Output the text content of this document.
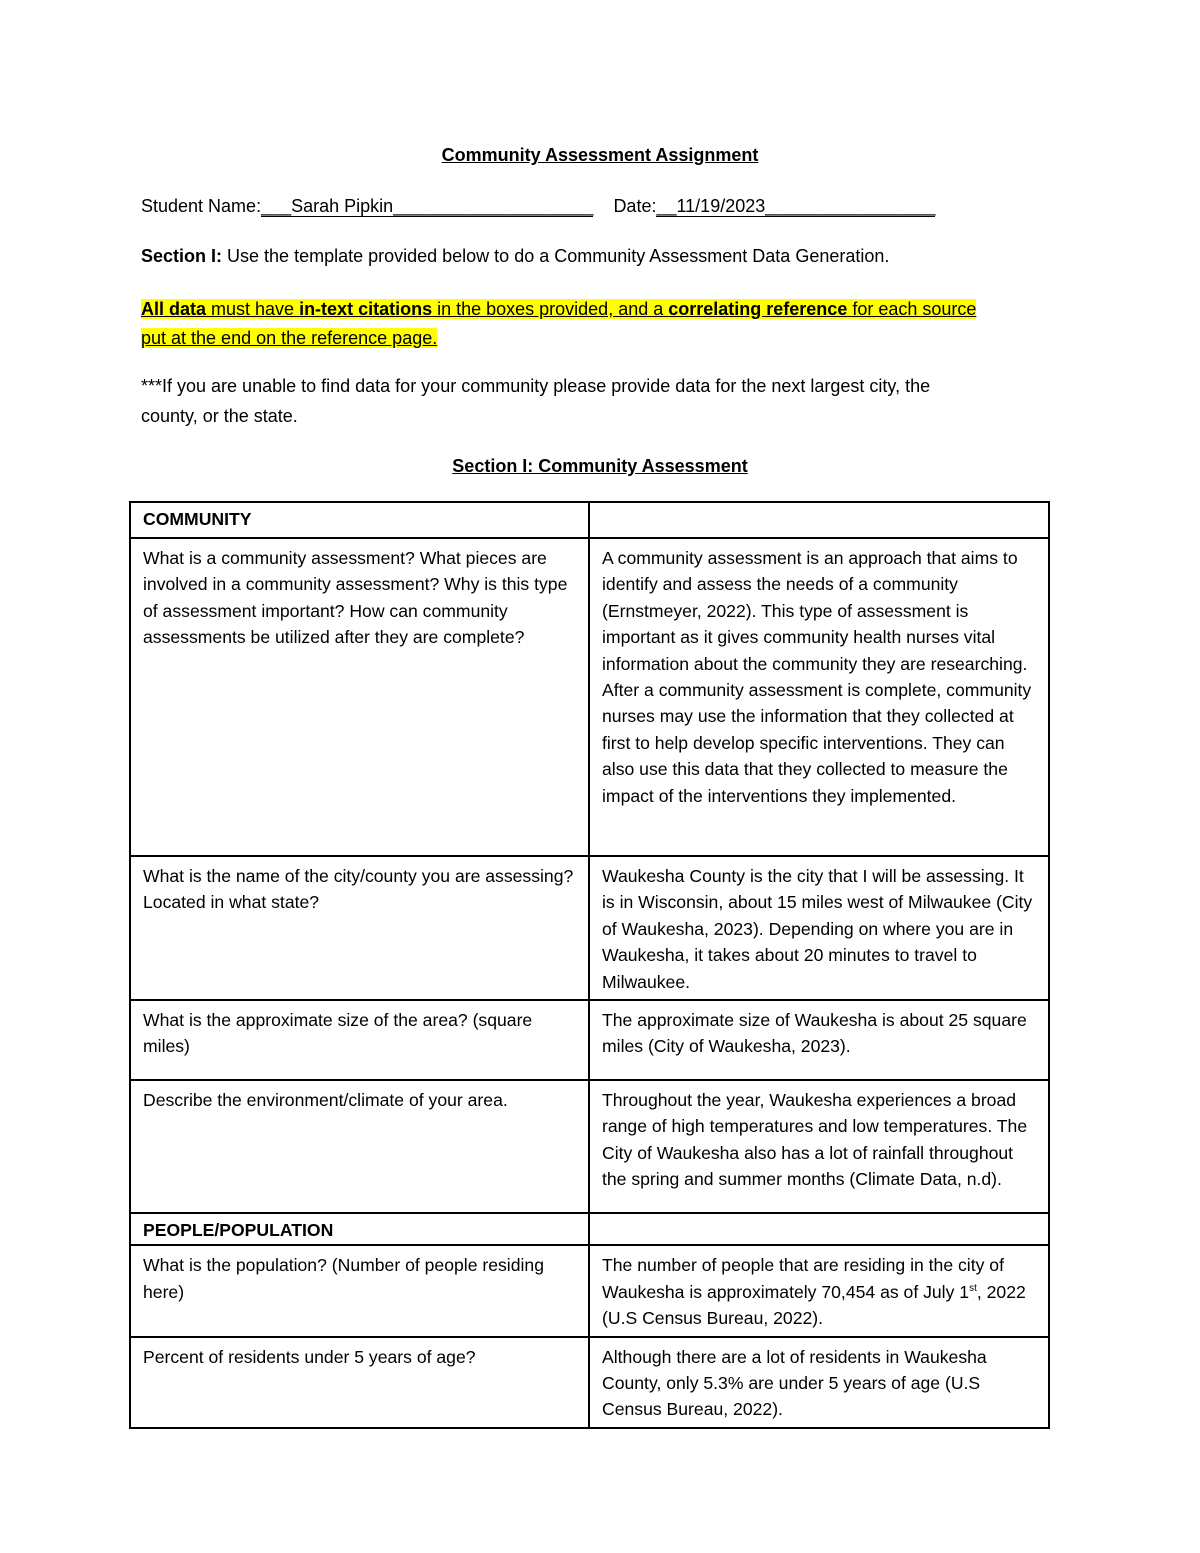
Community Assessment Assignment
Student Name:___Sarah Pipkin____________________ Date:__11/19/2023_________________
Section I: Use the template provided below to do a Community Assessment Data Generation.
All data must have in-text citations in the boxes provided, and a correlating reference for each source
put at the end on the reference page.
***If you are unable to find data for your community please provide data for the next largest city, the
county, or the state.
Section I: Community Assessment
COMMUNITY	
What is a community assessment? What pieces are involved in a community assessment? Why is this type of assessment important? How can community assessments be utilized after they are complete?	A community assessment is an approach that aims to identify and assess the needs of a community (Ernstmeyer, 2022). This type of assessment is important as it gives community health nurses vital information about the community they are researching. After a community assessment is complete, community nurses may use the information that they collected at first to help develop specific interventions. They can also use this data that they collected to measure the impact of the interventions they implemented.
What is the name of the city/county you are assessing? Located in what state?	Waukesha County is the city that I will be assessing. It is in Wisconsin, about 15 miles west of Milwaukee (City of Waukesha, 2023). Depending on where you are in Waukesha, it takes about 20 minutes to travel to Milwaukee.
What is the approximate size of the area? (square miles)	The approximate size of Waukesha is about 25 square miles (City of Waukesha, 2023).
Describe the environment/climate of your area.	Throughout the year, Waukesha experiences a broad range of high temperatures and low temperatures. The City of Waukesha also has a lot of rainfall throughout the spring and summer months (Climate Data, n.d).
PEOPLE/POPULATION	
What is the population? (Number of people residing here)	The number of people that are residing in the city of Waukesha is approximately 70,454 as of July 1st, 2022 (U.S Census Bureau, 2022).
Percent of residents under 5 years of age?	Although there are a lot of residents in Waukesha County, only 5.3% are under 5 years of age (U.S Census Bureau, 2022).
